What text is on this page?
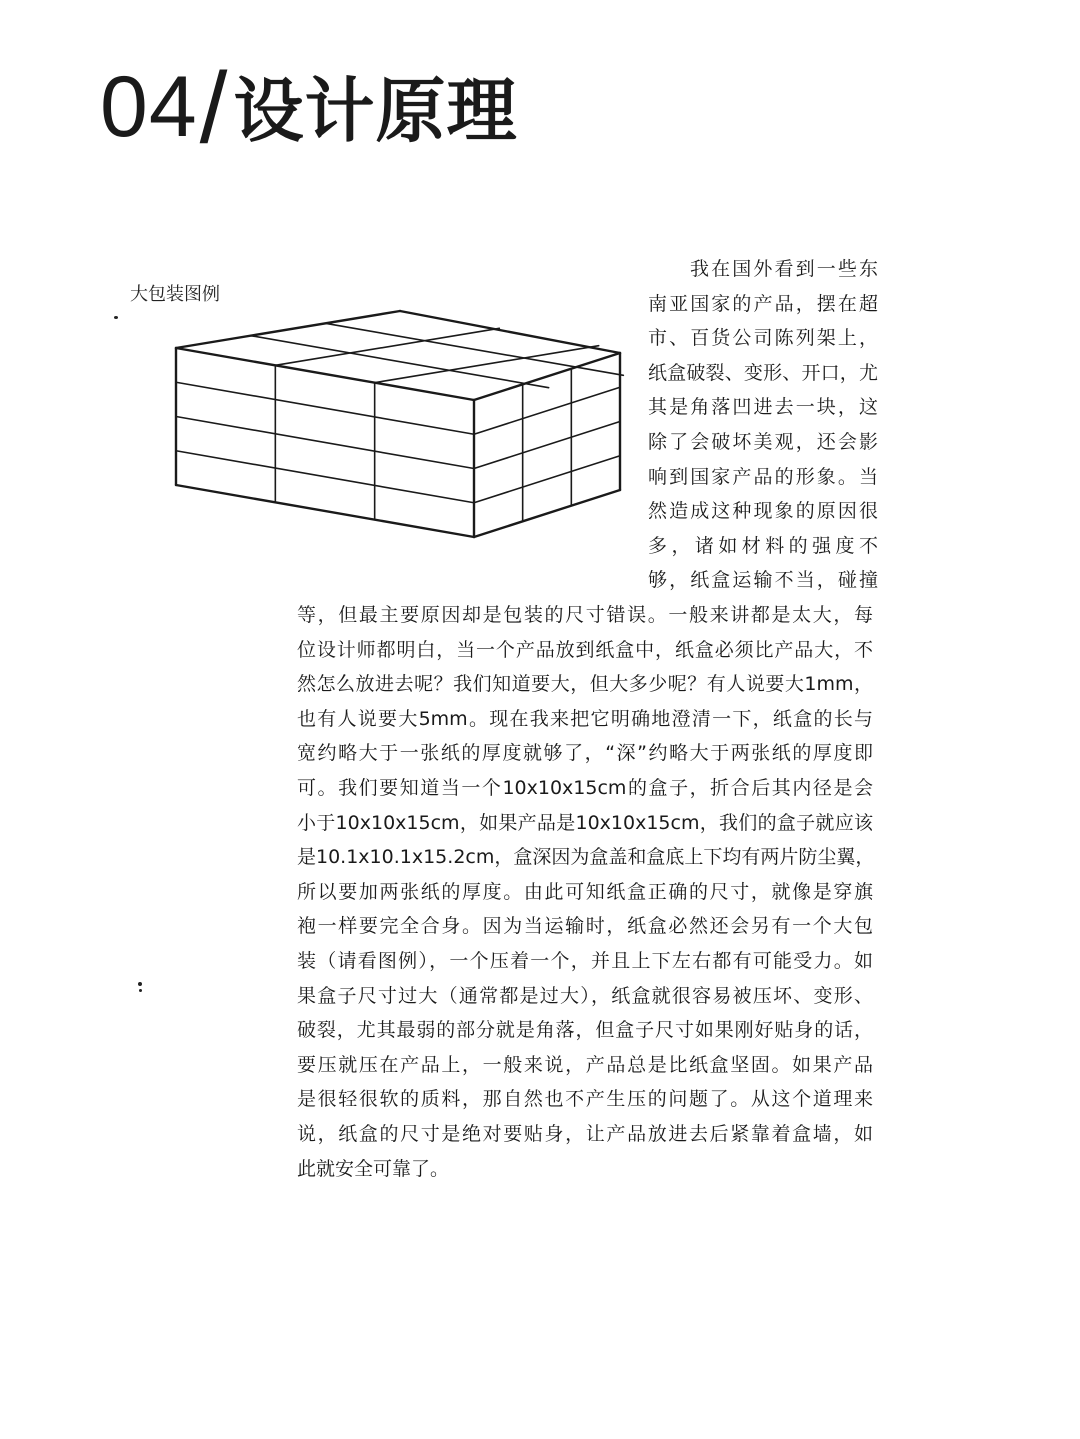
04 / 设计原理
大包装图例
我在国外看到一些东
南亚国家的产品，摆在超
市、百货公司陈列架上，
纸盒破裂、变形、开口，尤
其是角落凹进去一块，这
除了会破坏美观，还会影
响到国家产品的形象。当
然造成这种现象的原因很
多，诸如材料的强度不
够，纸盒运输不当，碰撞
等，但最主要原因却是包装的尺寸错误。一般来讲都是太大，每
位设计师都明白，当一个产品放到纸盒中，纸盒必须比产品大，不
然怎么放进去呢？我们知道要大，但大多少呢？有人说要大1mm，
也有人说要大5mm。现在我来把它明确地澄清一下，纸盒的长与
宽约略大于一张纸的厚度就够了，“深”约略大于两张纸的厚度即
可。我们要知道当一个10x10x15cm的盒子，折合后其内径是会
小于10x10x15cm，如果产品是10x10x15cm，我们的盒子就应该
是10.1x10.1x15.2cm，盒深因为盒盖和盒底上下均有两片防尘翼，
所以要加两张纸的厚度。由此可知纸盒正确的尺寸，就像是穿旗
袍一样要完全合身。因为当运输时，纸盒必然还会另有一个大包
装（请看图例），一个压着一个，并且上下左右都有可能受力。如
果盒子尺寸过大（通常都是过大），纸盒就很容易被压坏、变形、
破裂，尤其最弱的部分就是角落，但盒子尺寸如果刚好贴身的话，
要压就压在产品上，一般来说，产品总是比纸盒坚固。如果产品
是很轻很软的质料，那自然也不产生压的问题了。从这个道理来
说，纸盒的尺寸是绝对要贴身，让产品放进去后紧靠着盒墙，如
此就安全可靠了。
